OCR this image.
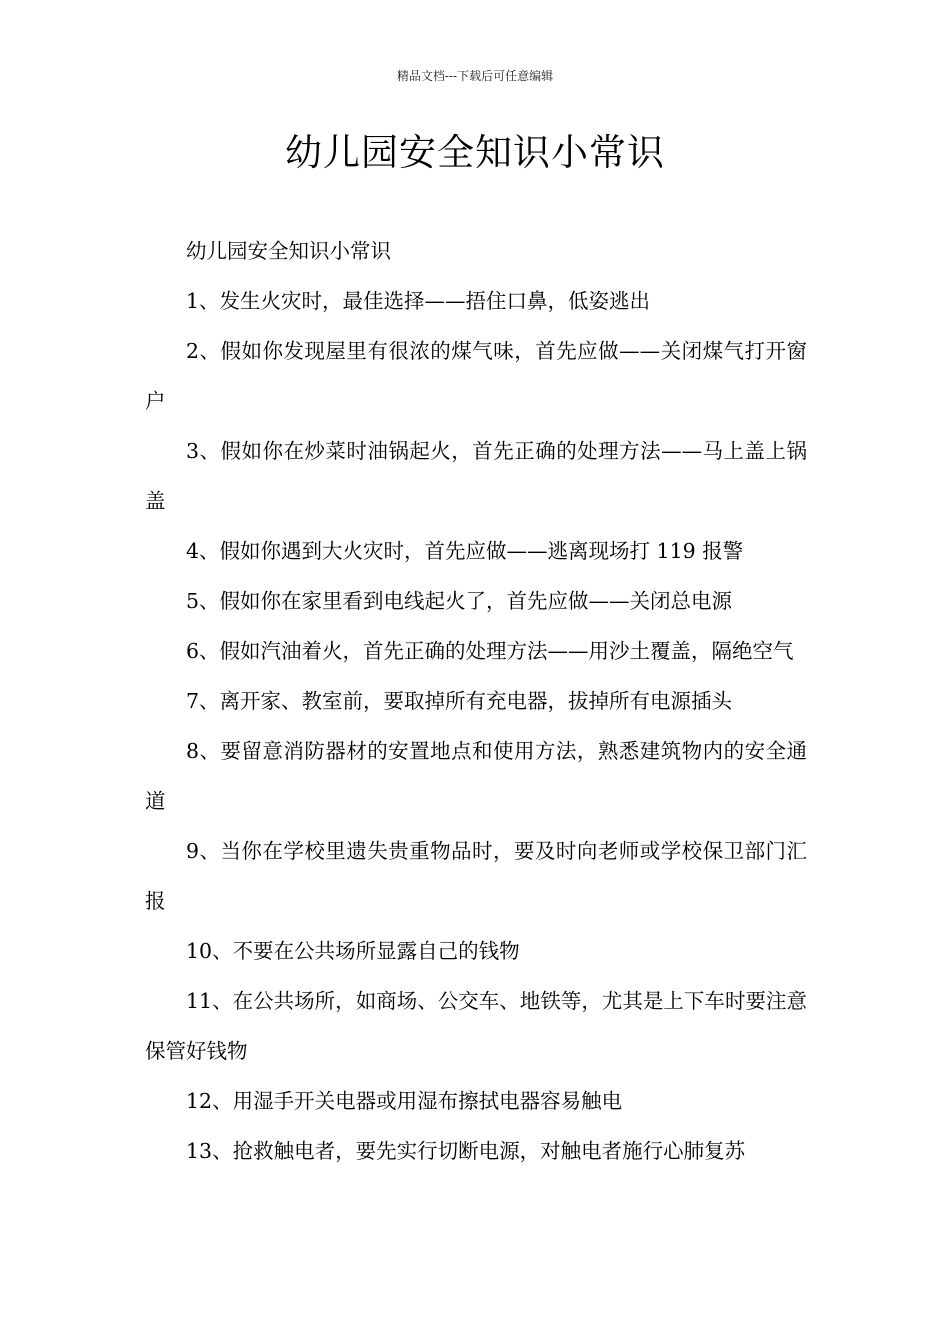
精品文档---下载后可任意编辑
幼儿园安全知识小常识

幼儿园安全知识小常识

1、发生火灾时，最佳选择——捂住口鼻，低姿逃出

2、假如你发现屋里有很浓的煤气味，首先应做——关闭煤气打开窗户

3、假如你在炒菜时油锅起火，首先正确的处理方法——马上盖上锅盖

4、假如你遇到大火灾时，首先应做——逃离现场打 119 报警

5、假如你在家里看到电线起火了，首先应做——关闭总电源

6、假如汽油着火，首先正确的处理方法——用沙土覆盖，隔绝空气

7、离开家、教室前，要取掉所有充电器，拔掉所有电源插头

8、要留意消防器材的安置地点和使用方法，熟悉建筑物内的安全通道

9、当你在学校里遗失贵重物品时，要及时向老师或学校保卫部门汇报

10、不要在公共场所显露自己的钱物

11、在公共场所，如商场、公交车、地铁等，尤其是上下车时要注意保管好钱物

12、用湿手开关电器或用湿布擦拭电器容易触电

13、抢救触电者，要先实行切断电源，对触电者施行心肺复苏
